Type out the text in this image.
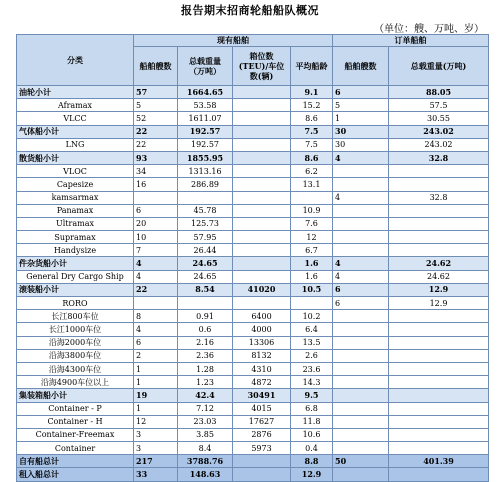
报告期末招商轮船船队概况
（单位：艘、万吨、岁）
分类	现有船舶				订单船舶	
	船舶艘数	总载重量 （万吨）	箱位数(TEU)/车位数(辆)	平均船龄	船舶艘数	总载重量(万吨)
油轮小计	57	1664.65		9.1	6	88.05
Aframax	5	53.58		15.2	5	57.5
VLCC	52	1611.07		8.6	1	30.55
气体船小计	22	192.57		7.5	30	243.02
LNG	22	192.57		7.5	30	243.02
散货船小计	93	1855.95		8.6	4	32.8
VLOC	34	1313.16		6.2		
Capesize	16	286.89		13.1		
kamsarmax					4	32.8
Panamax	6	45.78		10.9		
Ultramax	20	125.73		7.6		
Supramax	10	57.95		12		
Handysize	7	26.44		6.7		
件杂货船小计	4	24.65		1.6	4	24.62
General Dry Cargo Ship	4	24.65		1.6	4	24.62
滚装船小计	22	8.54	41020	10.5	6	12.9
RORO					6	12.9
长江800车位	8	0.91	6400	10.2		
长江1000车位	4	0.6	4000	6.4		
沿海2000车位	6	2.16	13306	13.5		
沿海3800车位	2	2.36	8132	2.6		
沿海4300车位	1	1.28	4310	23.6		
沿海4900车位以上	1	1.23	4872	14.3		
集装箱船小计	19	42.4	30491	9.5		
Container - P	1	7.12	4015	6.8		
Container - H	12	23.03	17627	11.8		
Container-Freemax	3	3.85	2876	10.6		
Container	3	8.4	5973	0.4		
自有船总计	217	3788.76		8.8	50	401.39
租入船总计	33	148.63		12.9		
